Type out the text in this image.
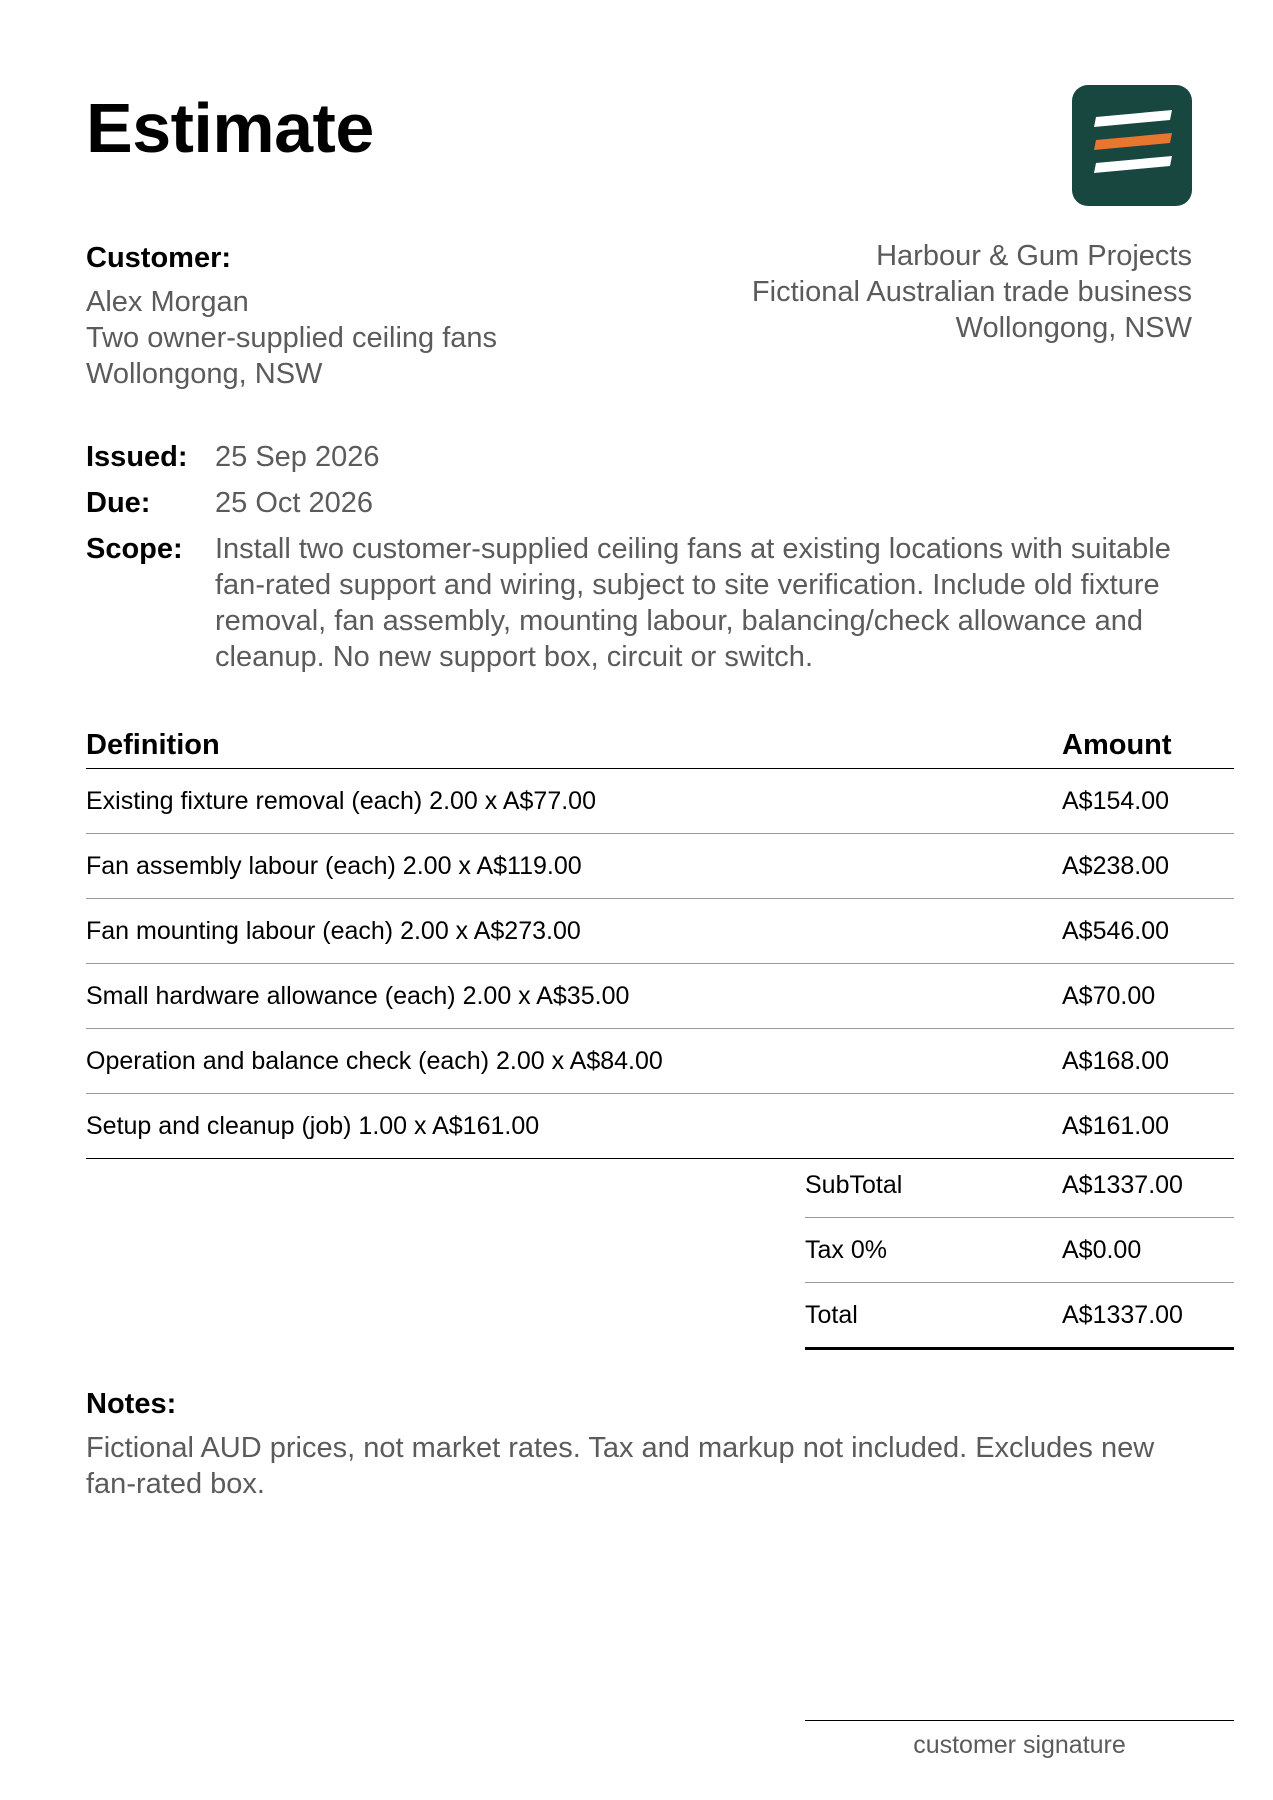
Estimate
Customer:
Alex Morgan
Two owner-supplied ceiling fans
Wollongong, NSW
Harbour & Gum Projects
Fictional Australian trade business
Wollongong, NSW
Issued: 25 Sep 2026
Due:	25 Oct 2026
Scope:	Install two customer-supplied ceiling fans at existing locations with suitable fan-rated support and wiring, subject to site verification. Include old fixture removal, fan assembly, mounting labour, balancing/check allowance and cleanup. No new support box, circuit or switch.
Definition	Amount
Existing fixture removal (each) 2.00 x A$77.00	A$154.00
Fan assembly labour (each) 2.00 x A$119.00	A$238.00
Fan mounting labour (each) 2.00 x A$273.00	A$546.00
Small hardware allowance (each) 2.00 x A$35.00	A$70.00
Operation and balance check (each) 2.00 x A$84.00	A$168.00
Setup and cleanup (job) 1.00 x A$161.00	A$161.00
SubTotal	A$1337.00
Tax 0%	A$0.00
Total	A$1337.00
Notes:
Fictional AUD prices, not market rates. Tax and markup not included. Excludes new fan-rated box.
customer signature
